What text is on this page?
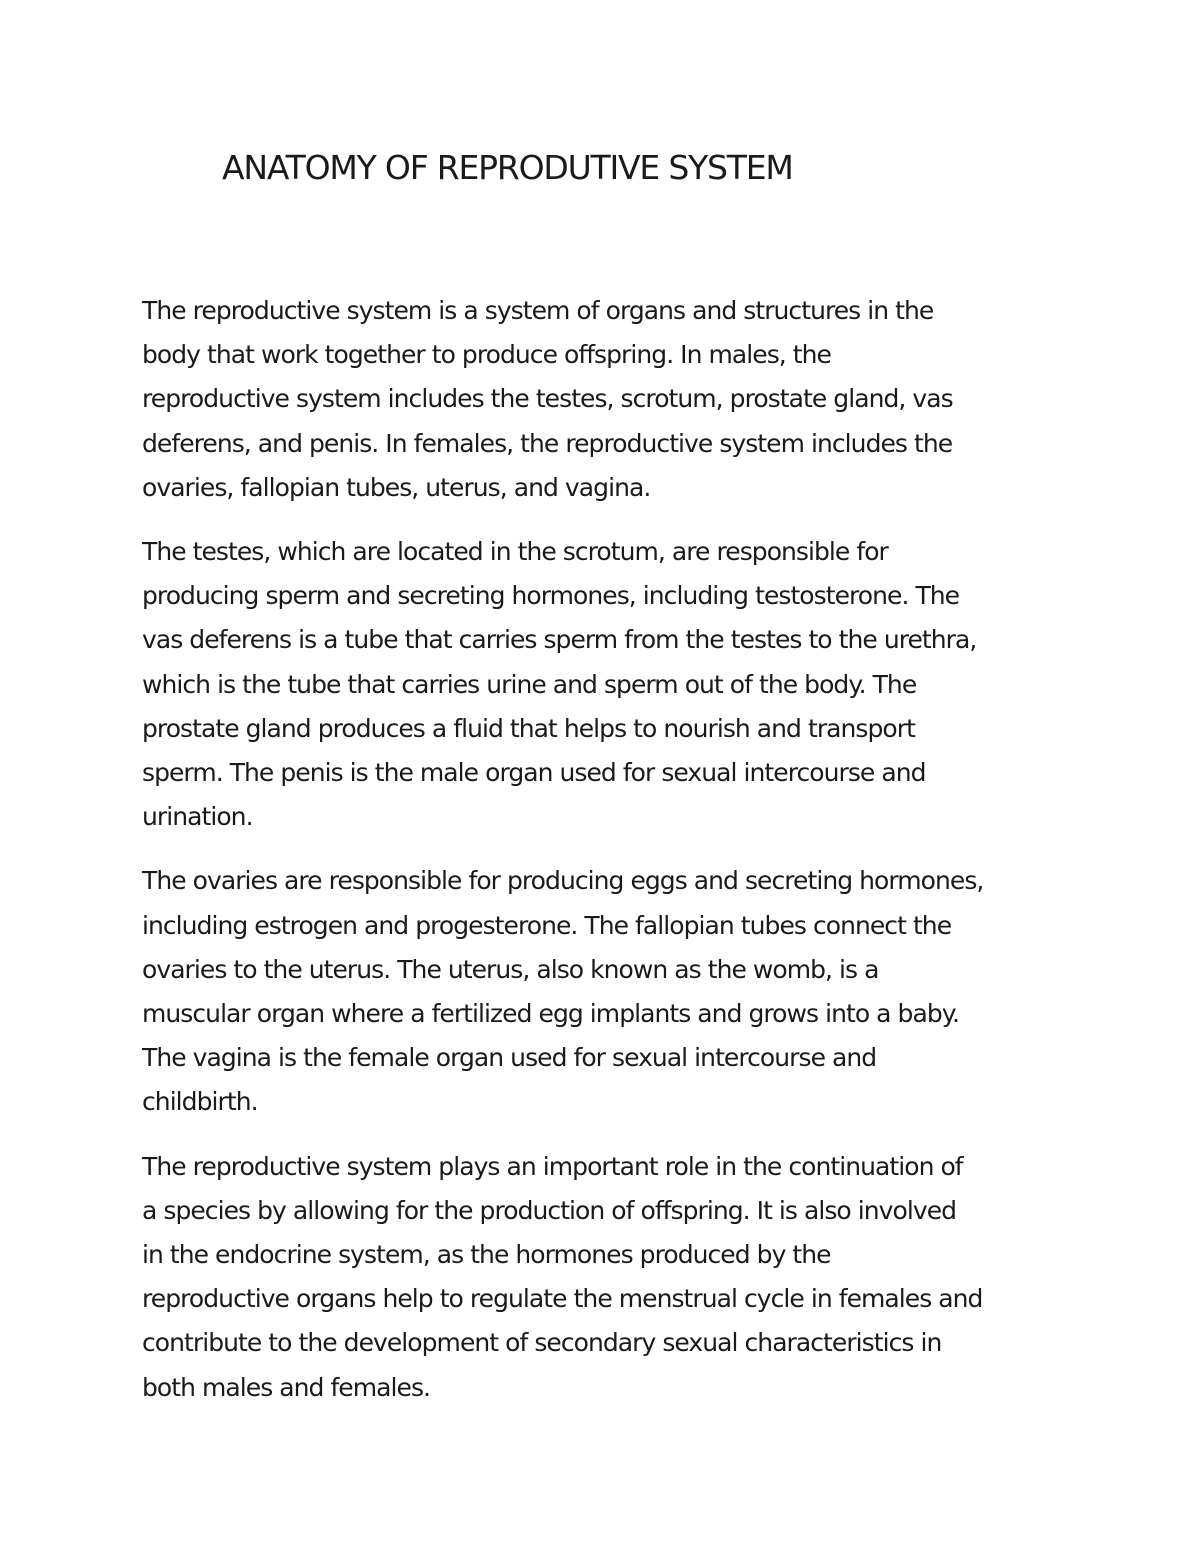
ANATOMY OF REPRODUTIVE SYSTEM
The reproductive system is a system of organs and structures in the
body that work together to produce offspring. In males, the
reproductive system includes the testes, scrotum, prostate gland, vas
deferens, and penis. In females, the reproductive system includes the
ovaries, fallopian tubes, uterus, and vagina.
The testes, which are located in the scrotum, are responsible for
producing sperm and secreting hormones, including testosterone. The
vas deferens is a tube that carries sperm from the testes to the urethra,
which is the tube that carries urine and sperm out of the body. The
prostate gland produces a fluid that helps to nourish and transport
sperm. The penis is the male organ used for sexual intercourse and
urination.
The ovaries are responsible for producing eggs and secreting hormones,
including estrogen and progesterone. The fallopian tubes connect the
ovaries to the uterus. The uterus, also known as the womb, is a
muscular organ where a fertilized egg implants and grows into a baby.
The vagina is the female organ used for sexual intercourse and
childbirth.
The reproductive system plays an important role in the continuation of
a species by allowing for the production of offspring. It is also involved
in the endocrine system, as the hormones produced by the
reproductive organs help to regulate the menstrual cycle in females and
contribute to the development of secondary sexual characteristics in
both males and females.
